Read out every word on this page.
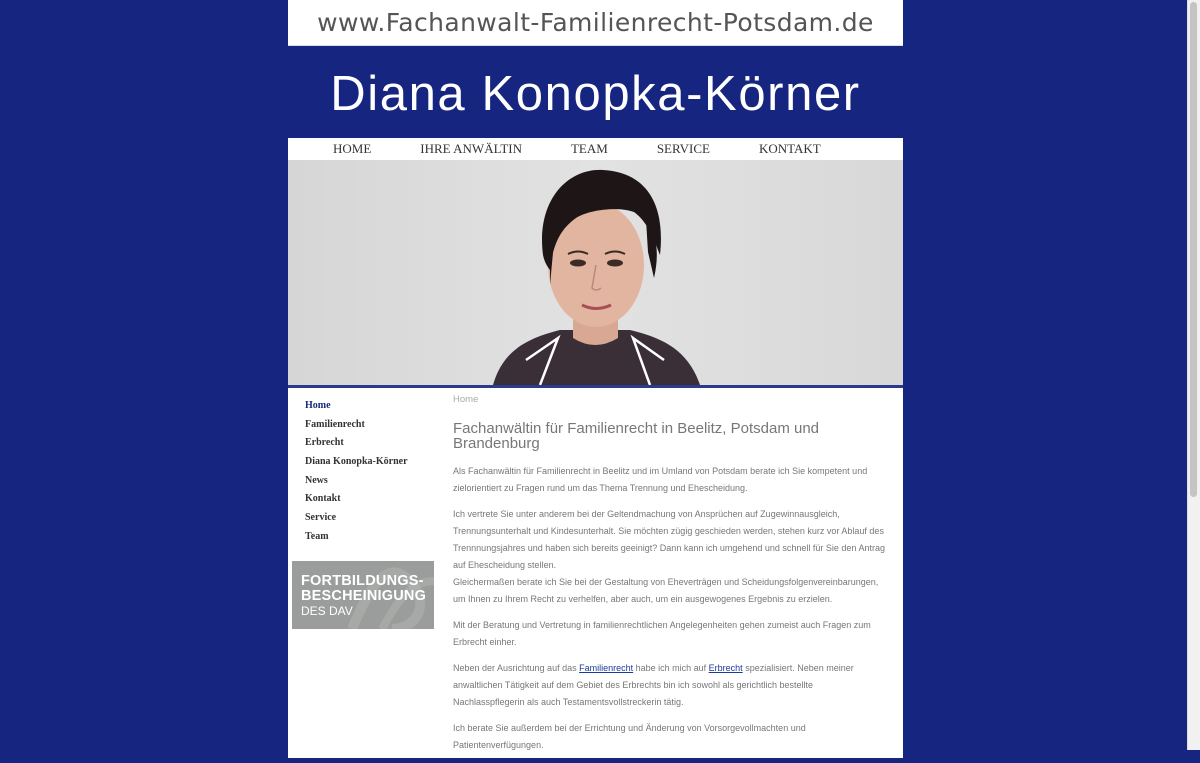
www.Fachanwalt-Familienrecht-Potsdam.de
Diana Konopka-Körner
HOME	IHRE ANWÄLTIN	TEAM	SERVICE	KONTAKT
Home
Familienrecht
Erbrecht
Diana Konopka-Körner
News
Kontakt
Service
Team
FORTBILDUNGS-
BESCHEINIGUNG
DES DAV
Home
Fachanwältin für Familienrecht in Beelitz, Potsdam und Brandenburg

Als Fachanwältin für Familienrecht in Beelitz und im Umland von Potsdam berate ich Sie kompetent und zielorientiert zu Fragen rund um das Thema Trennung und Ehescheidung.

Ich vertrete Sie unter anderem bei der Geltendmachung von Ansprüchen auf Zugewinnausgleich, Trennungsunterhalt und Kindesunterhalt. Sie möchten zügig geschieden werden, stehen kurz vor Ablauf des Trennnungsjahres und haben sich bereits geeinigt? Dann kann ich umgehend und schnell für Sie den Antrag auf Ehescheidung stellen.
Gleichermaßen berate ich Sie bei der Gestaltung von Eheverträgen und Scheidungsfolgenvereinbarungen, um Ihnen zu Ihrem Recht zu verhelfen, aber auch, um ein ausgewogenes Ergebnis zu erzielen.

Mit der Beratung und Vertretung in familienrechtlichen Angelegenheiten gehen zumeist auch Fragen zum Erbrecht einher.

Neben der Ausrichtung auf das Familienrecht habe ich mich auf Erbrecht spezialisiert. Neben meiner anwaltlichen Tätigkeit auf dem Gebiet des Erbrechts bin ich sowohl als gerichtlich bestellte Nachlasspflegerin als auch Testamentsvollstreckerin tätig.

Ich berate Sie außerdem bei der Errichtung und Änderung von Vorsorgevollmachten und Patientenverfügungen.
